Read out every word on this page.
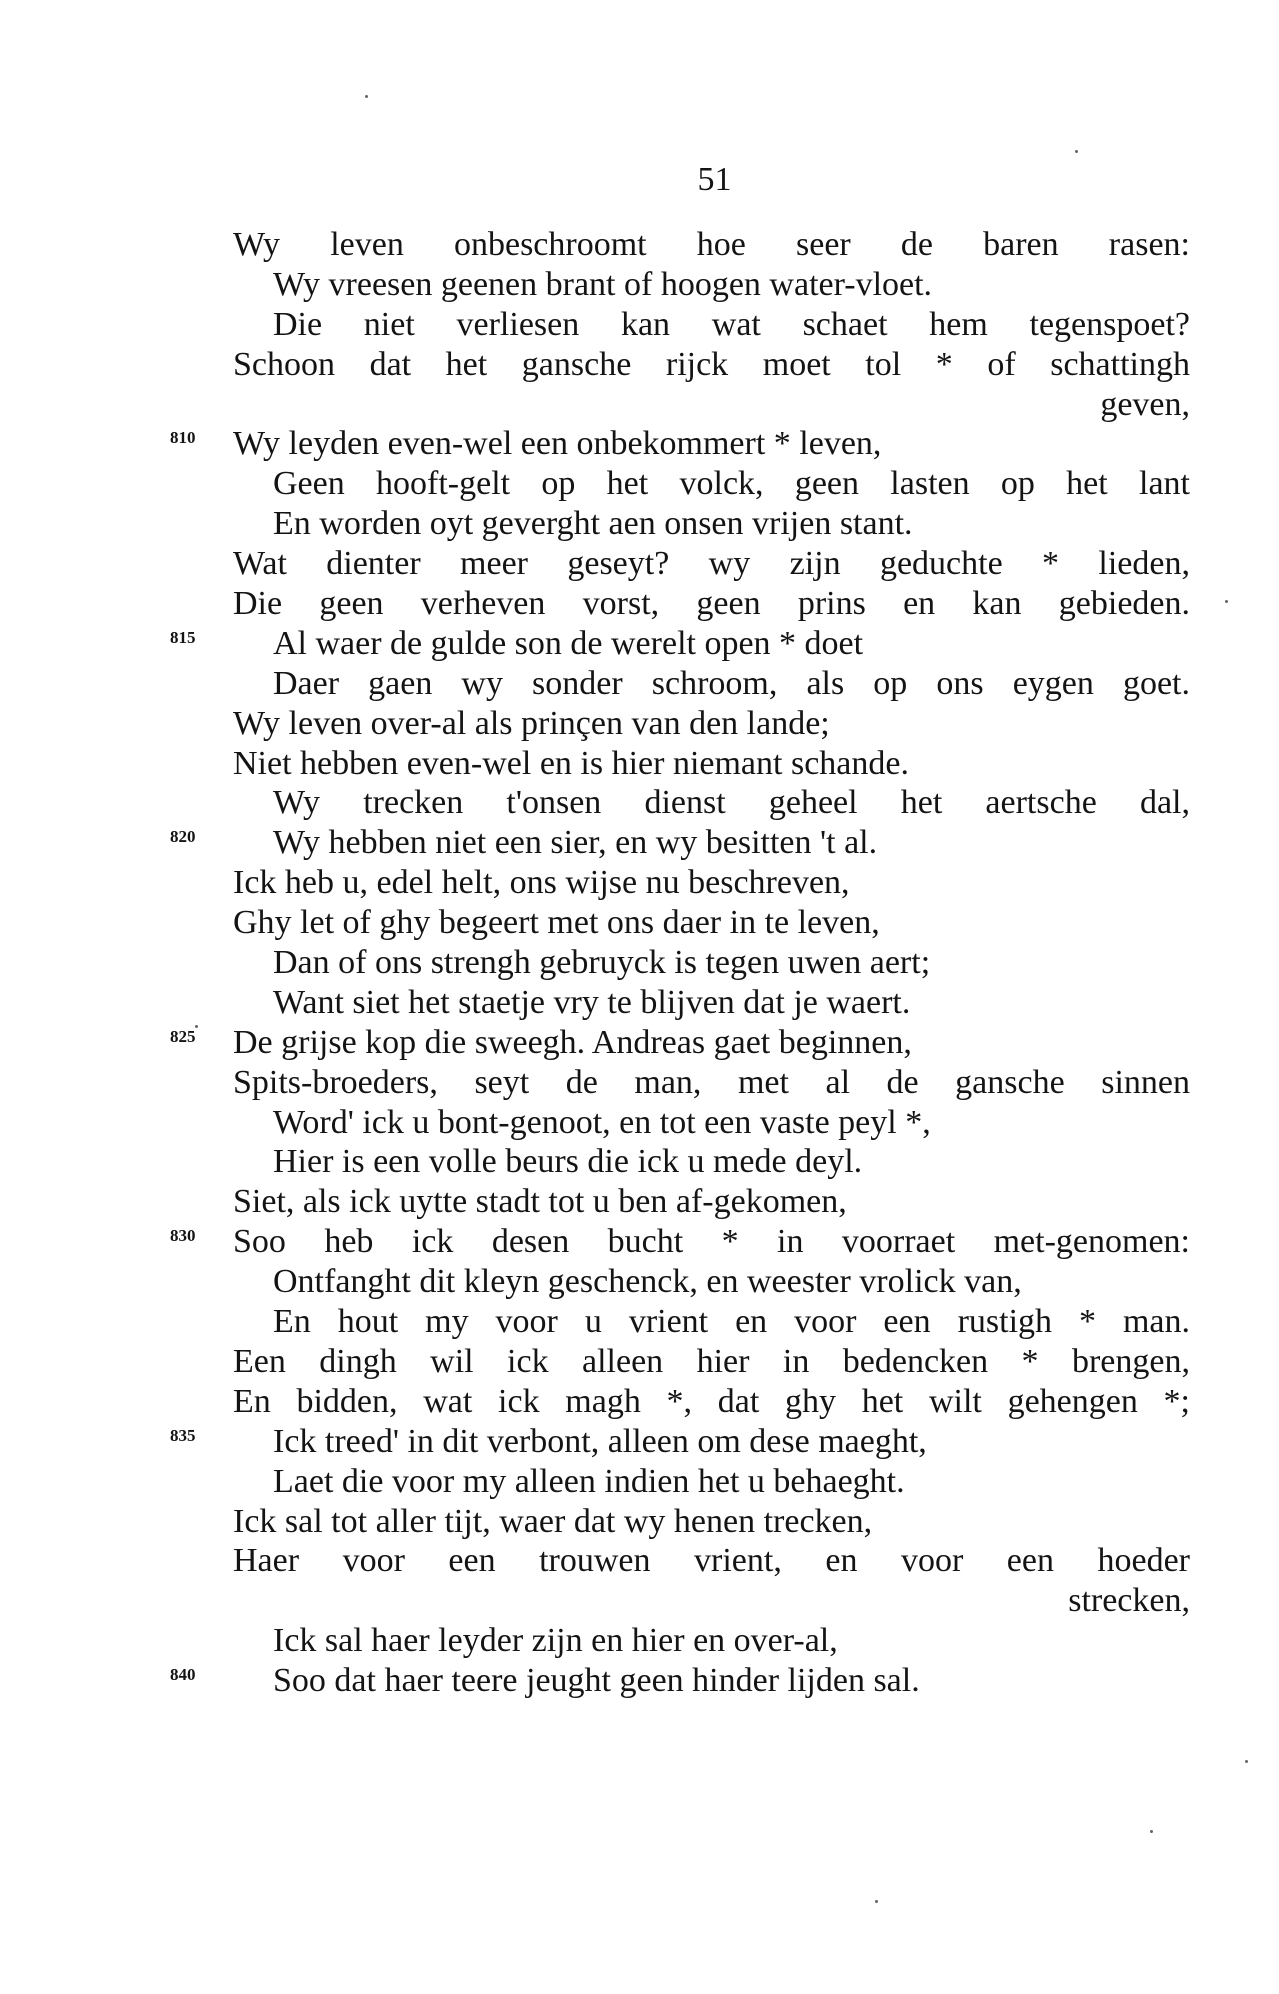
51
Wy leven onbeschroomt hoe seer de baren rasen:
Wy vreesen geenen brant of hoogen water-vloet.
Die niet verliesen kan wat schaet hem tegenspoet?
Schoon dat het gansche rijck moet tol * of schattingh
geven,
810 Wy leyden even-wel een onbekommert * leven,
Geen hooft-gelt op het volck, geen lasten op het lant
En worden oyt geverght aen onsen vrijen stant.
Wat dienter meer geseyt? wy zijn geduchte * lieden,
Die geen verheven vorst, geen prins en kan gebieden.
815 Al waer de gulde son de werelt open * doet
Daer gaen wy sonder schroom, als op ons eygen goet.
Wy leven over-al als prinçen van den lande;
Niet hebben even-wel en is hier niemant schande.
Wy trecken t'onsen dienst geheel het aertsche dal,
820 Wy hebben niet een sier, en wy besitten 't al.
Ick heb u, edel helt, ons wijse nu beschreven,
Ghy let of ghy begeert met ons daer in te leven,
Dan of ons strengh gebruyck is tegen uwen aert;
Want siet het staetje vry te blijven dat je waert.
825 De grijse kop die sweegh. Andreas gaet beginnen,
Spits-broeders, seyt de man, met al de gansche sinnen
Word' ick u bont-genoot, en tot een vaste peyl *,
Hier is een volle beurs die ick u mede deyl.
Siet, als ick uytte stadt tot u ben af-gekomen,
830 Soo heb ick desen bucht * in voorraet met-genomen:
Ontfanght dit kleyn geschenck, en weester vrolick van,
En hout my voor u vrient en voor een rustigh * man.
Een dingh wil ick alleen hier in bedencken * brengen,
En bidden, wat ick magh *, dat ghy het wilt gehengen *;
835 Ick treed' in dit verbont, alleen om dese maeght,
Laet die voor my alleen indien het u behaeght.
Ick sal tot aller tijt, waer dat wy henen trecken,
Haer voor een trouwen vrient, en voor een hoeder
strecken,
Ick sal haer leyder zijn en hier en over-al,
840 Soo dat haer teere jeught geen hinder lijden sal.
